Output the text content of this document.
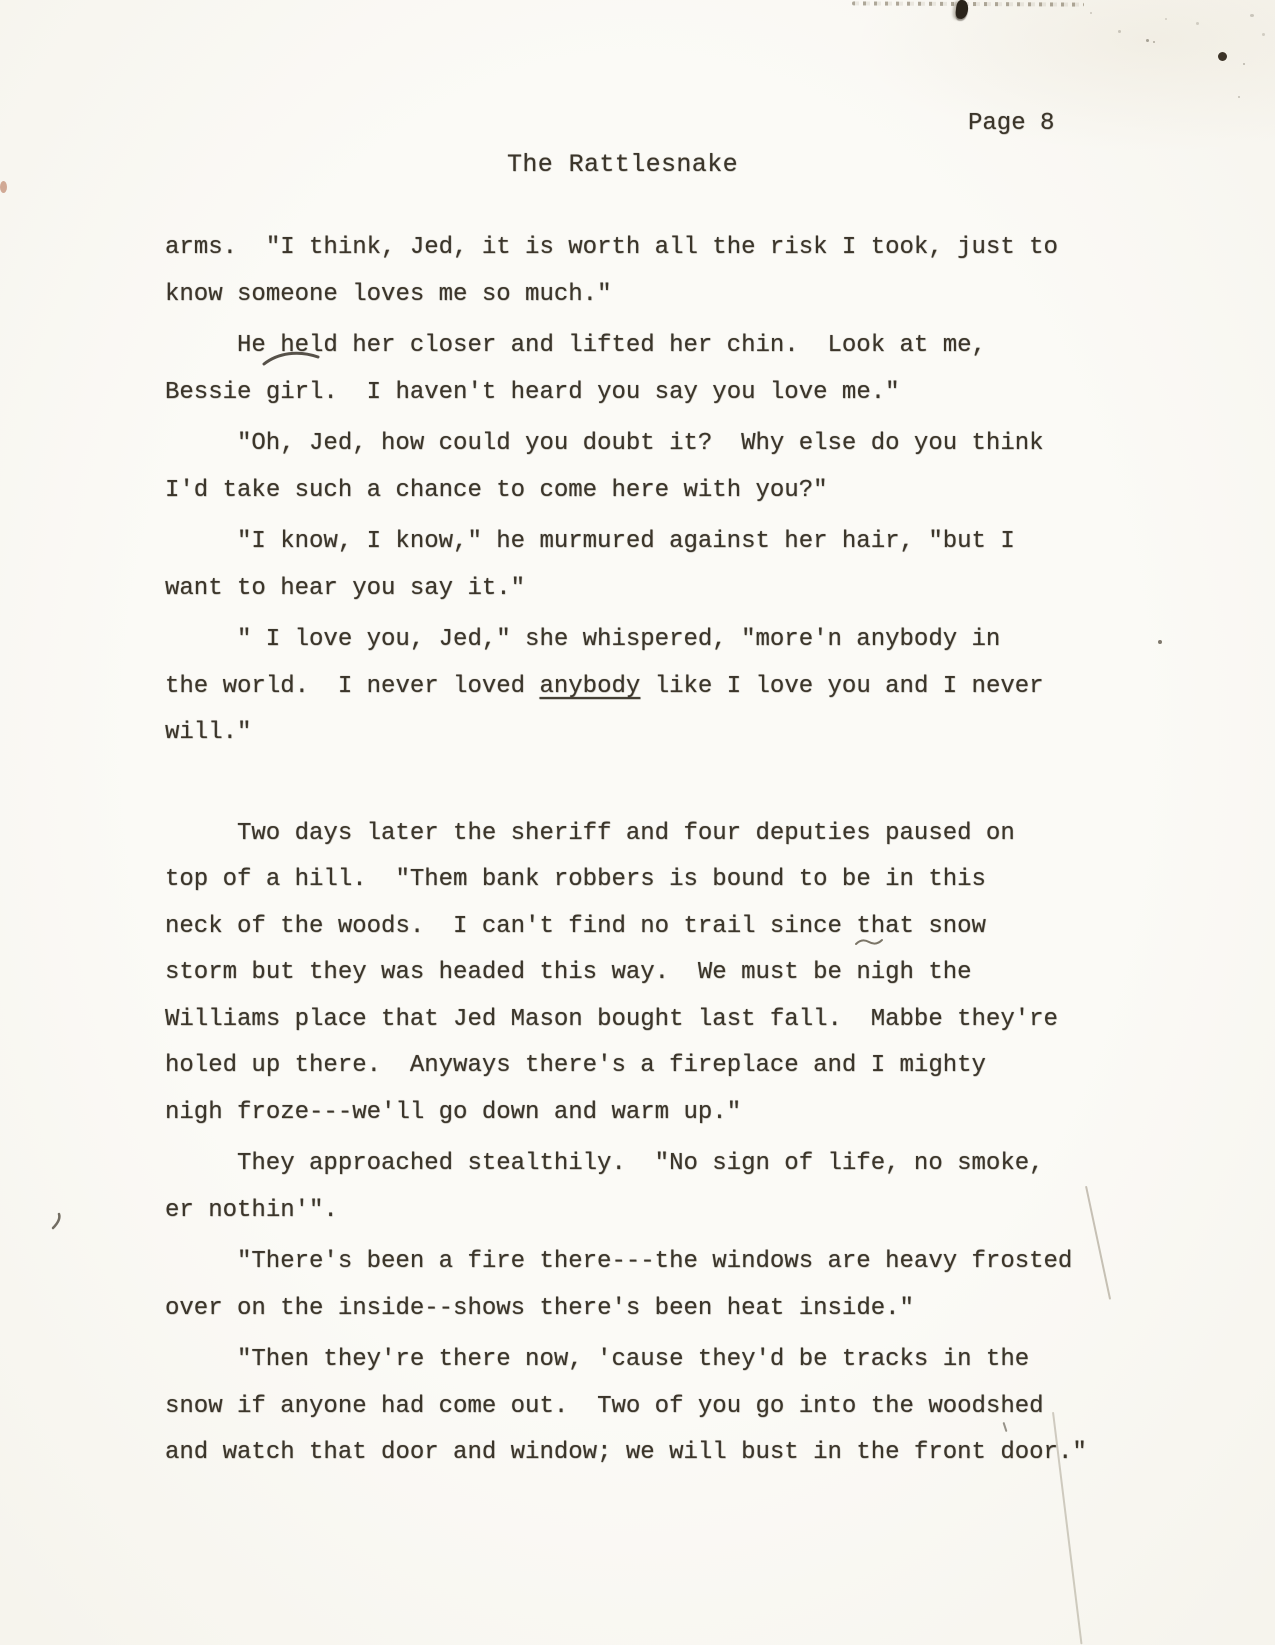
Page 8
The Rattlesnake
arms.  "I think, Jed, it is worth all the risk I took, just to
know someone loves me so much."
He held her closer and lifted her chin.  Look at me,
Bessie girl.  I haven't heard you say you love me."
"Oh, Jed, how could you doubt it?  Why else do you think
I'd take such a chance to come here with you?"
"I know, I know," he murmured against her hair, "but I
want to hear you say it."
" I love you, Jed," she whispered, "more'n anybody in
the world.  I never loved anybody like I love you and I never
will."
Two days later the sheriff and four deputies paused on
top of a hill.  "Them bank robbers is bound to be in this
neck of the woods.  I can't find no trail since that snow
storm but they was headed this way.  We must be nigh the
Williams place that Jed Mason bought last fall.  Mabbe they're
holed up there.  Anyways there's a fireplace and I mighty
nigh froze---we'll go down and warm up."
They approached stealthily.  "No sign of life, no smoke,
er nothin'".
"There's been a fire there---the windows are heavy frosted
over on the inside--shows there's been heat inside."
"Then they're there now, 'cause they'd be tracks in the
snow if anyone had come out.  Two of you go into the woodshed
and watch that door and window; we will bust in the front door."
